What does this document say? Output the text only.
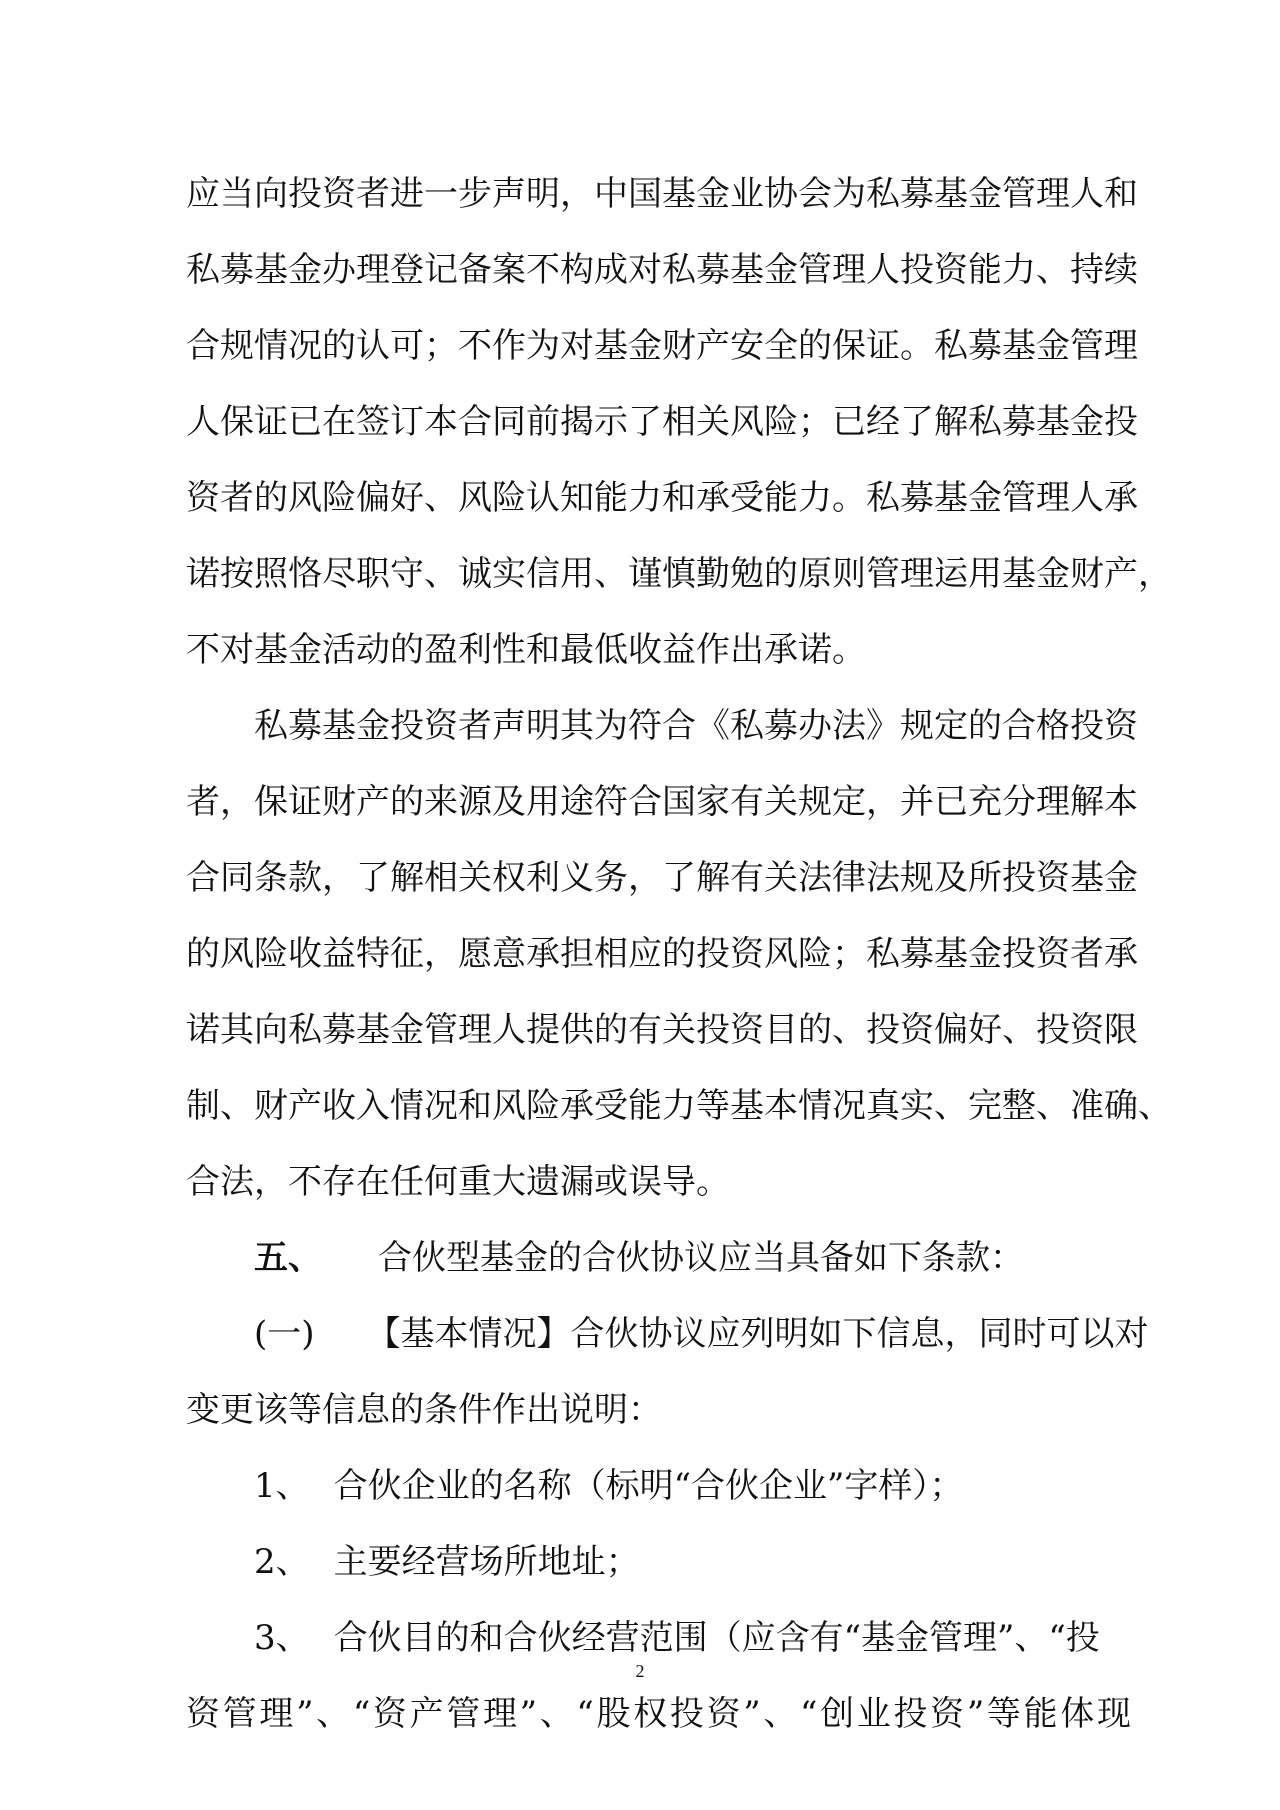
应当向投资者进一步声明，中国基金业协会为私募基金管理人和
私募基金办理登记备案不构成对私募基金管理人投资能力、持续
合规情况的认可；不作为对基金财产安全的保证。私募基金管理
人保证已在签订本合同前揭示了相关风险；已经了解私募基金投
资者的风险偏好、风险认知能力和承受能力。私募基金管理人承
诺按照恪尽职守、诚实信用、谨慎勤勉的原则管理运用基金财产，
不对基金活动的盈利性和最低收益作出承诺。
私募基金投资者声明其为符合《私募办法》规定的合格投资
者，保证财产的来源及用途符合国家有关规定，并已充分理解本
合同条款，了解相关权利义务，了解有关法律法规及所投资基金
的风险收益特征，愿意承担相应的投资风险；私募基金投资者承
诺其向私募基金管理人提供的有关投资目的、投资偏好、投资限
制、财产收入情况和风险承受能力等基本情况真实、完整、准确、
合法，不存在任何重大遗漏或误导。
五、 合伙型基金的合伙协议应当具备如下条款：
(一) 【基本情况】合伙协议应列明如下信息，同时可以对
变更该等信息的条件作出说明：
1、 合伙企业的名称（标明“合伙企业”字样）；
2、 主要经营场所地址；
3、 合伙目的和合伙经营范围（应含有“基金管理”、“投
资管理”、“资产管理”、“股权投资”、“创业投资”等能体现
2
